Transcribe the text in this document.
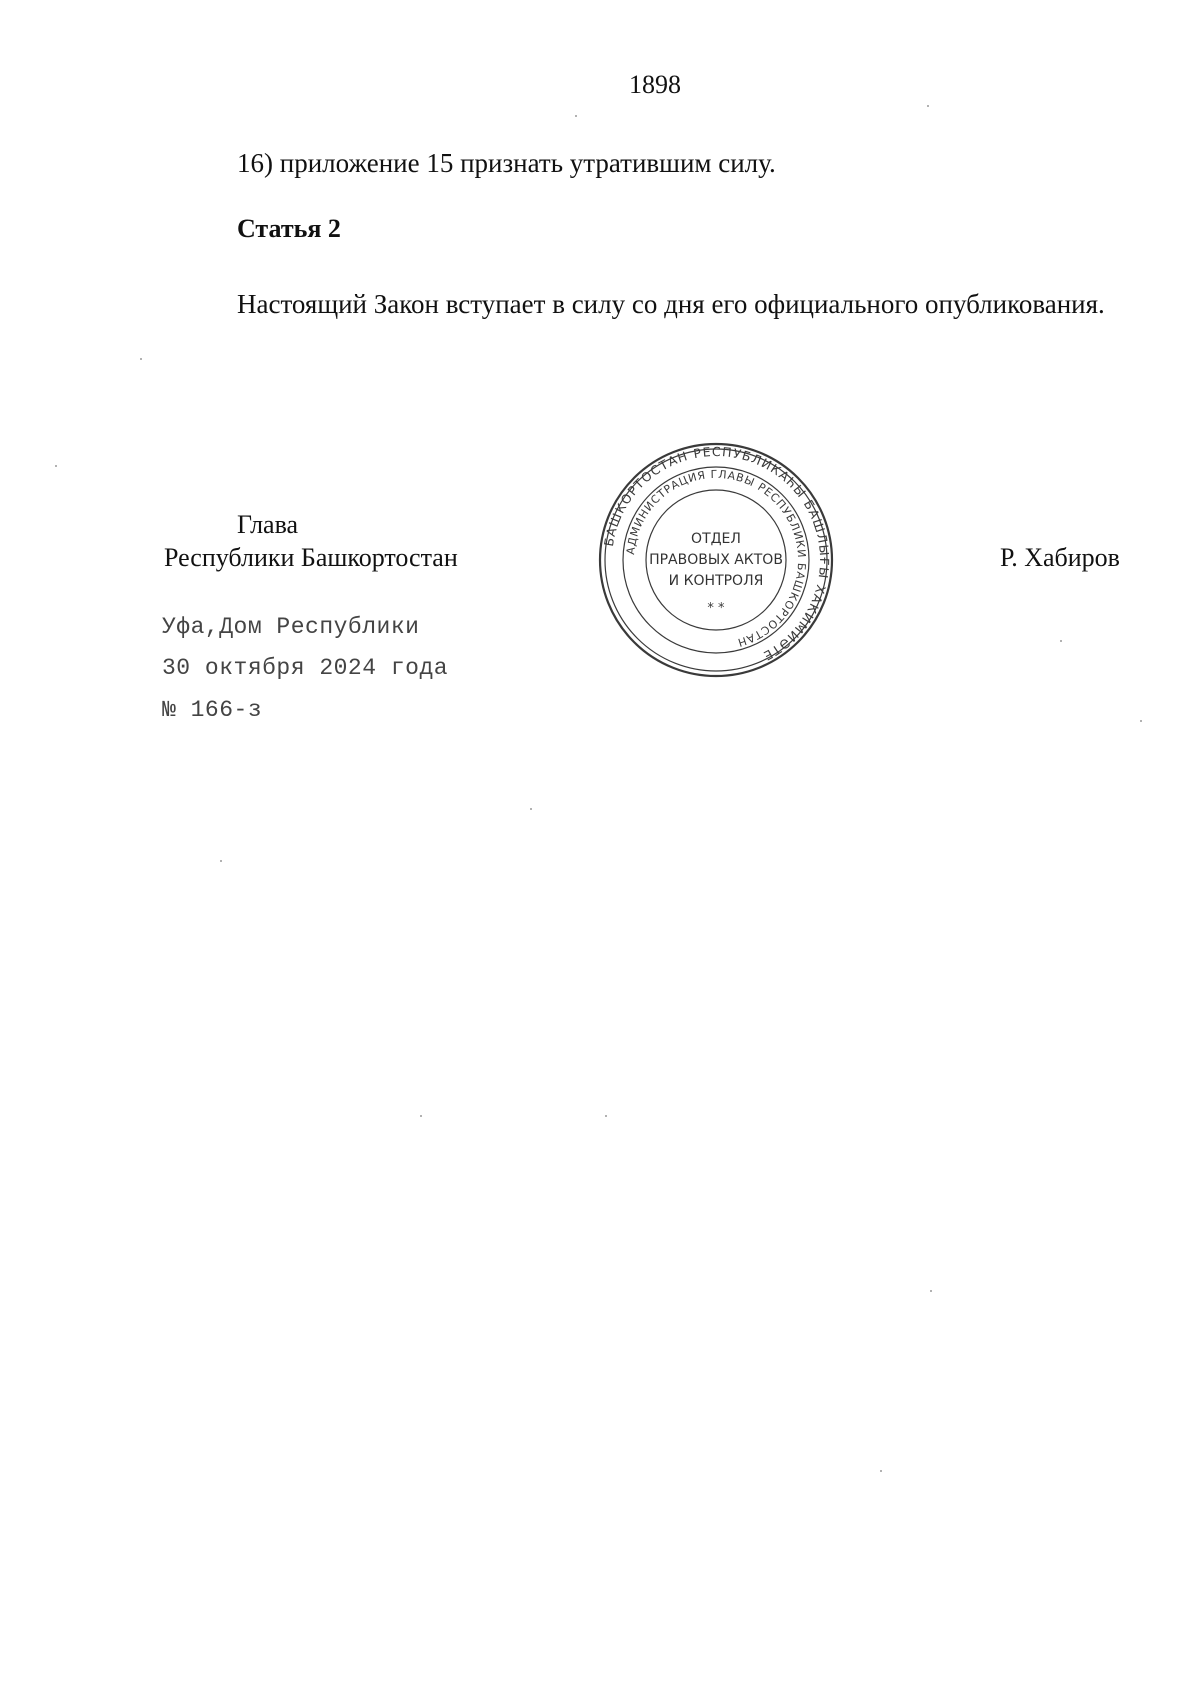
1898
16) приложение 15 признать утратившим силу.
Статья 2
Настоящий Закон вступает в силу со дня его официального опубликования.
Глава
Республики Башкортостан	Р. Хабиров
БАШКОРТОСТАН РЕСПУБЛИКАҺЫ БАШЛЫҒЫ ХАКИМИӘТЕ
АДМИНИСТРАЦИЯ ГЛАВЫ РЕСПУБЛИКИ БАШКОРТОСТАН
ОТДЕЛ
ПРАВОВЫХ АКТОВ
И КОНТРОЛЯ
* *
Уфа,Дом Республики
30 октября 2024 года
№ 166-з
